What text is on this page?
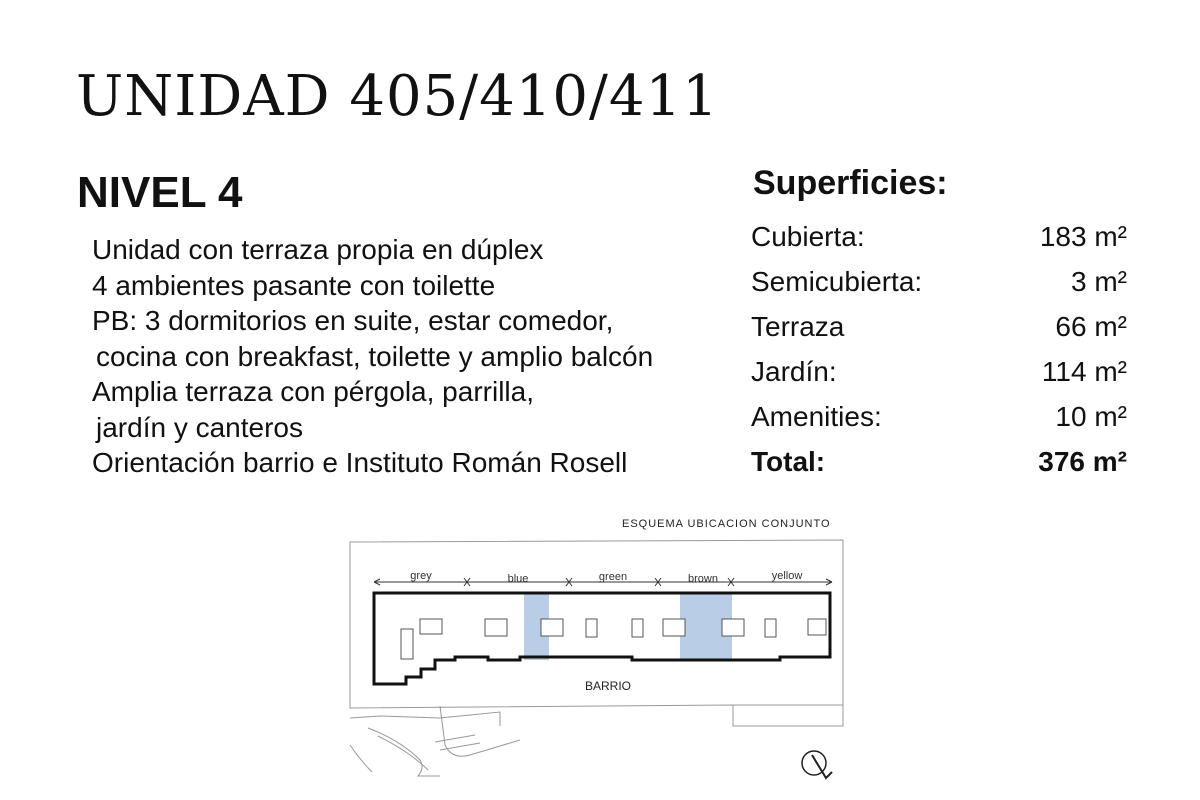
UNIDAD 405/410/411
NIVEL 4
Unidad con terraza propia en dúplex
4 ambientes pasante con toilette
PB: 3 dormitorios en suite, estar comedor,
cocina con breakfast, toilette y amplio balcón
Amplia terraza con pérgola, parrilla,
jardín y canteros
Orientación barrio e Instituto Román Rosell
Superficies:
Cubierta:	183 m²
Semicubierta:	3 m²
Terraza	66 m²
Jardín:	114 m²
Amenities:	10 m²
Total:	376 m²
ESQUEMA UBICACION CONJUNTO
grey	blue	green	brown	yellow
BARRIO
